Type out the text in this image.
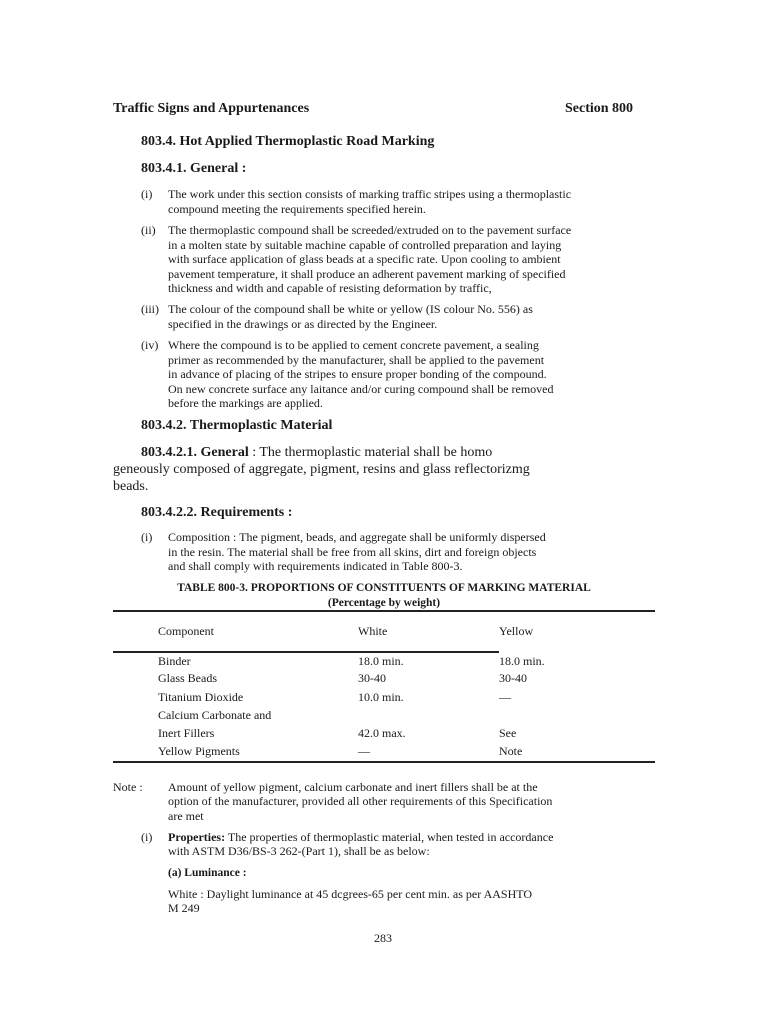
Traffic Signs and Appurtenances	Section 800
803.4. Hot Applied Thermoplastic Road Marking
803.4.1. General :
(i) The work under this section consists of marking traffic stripes using a thermoplastic
compound meeting the requirements specified herein.
(ii) The thermoplastic compound shall be screeded/extruded on to the pavement surface
in a molten state by suitable machine capable of controlled preparation and laying
with surface application of glass beads at a specific rate. Upon cooling to ambient
pavement temperature, it shall produce an adherent pavement marking of specified
thickness and width and capable of resisting deformation by traffic,
(iii) The colour of the compound shall be white or yellow (IS colour No. 556) as
specified in the drawings or as directed by the Engineer.
(iv) Where the compound is to be applied to cement concrete pavement, a sealing
primer as recommended by the manufacturer, shall be applied to the pavement
in advance of placing of the stripes to ensure proper bonding of the compound.
On new concrete surface any laitance and/or curing compound shall be removed
before the markings are applied.
803.4.2. Thermoplastic Material
803.4.2.1. General : The thermoplastic material shall be homo
geneously composed of aggregate, pigment, resins and glass reflectorizmg
beads.
803.4.2.2. Requirements :
(i) Composition : The pigment, beads, and aggregate shall be uniformly dispersed
in the resin. The material shall be free from all skins, dirt and foreign objects
and shall comply with requirements indicated in Table 800-3.
TABLE 800-3. PROPORTIONS OF CONSTITUENTS OF MARKING MATERIAL
(Percentage by weight)
Component	White	Yellow
Binder	18.0 min.	18.0 min.
Glass Beads	30-40	30-40
Titanium Dioxide	10.0 min.	—
Calcium Carbonate and
Inert Fillers	42.0 max.	See
Yellow Pigments	—	Note
Note : Amount of yellow pigment, calcium carbonate and inert fillers shall be at the
option of the manufacturer, provided all other requirements of this Specification
are met
(i) Properties: The properties of thermoplastic material, when tested in accordance
with ASTM D36/BS-3 262-(Part 1), shall be as below:
(a) Luminance :
White : Daylight luminance at 45 dcgrees-65 per cent min. as per AASHTO
M 249
283
